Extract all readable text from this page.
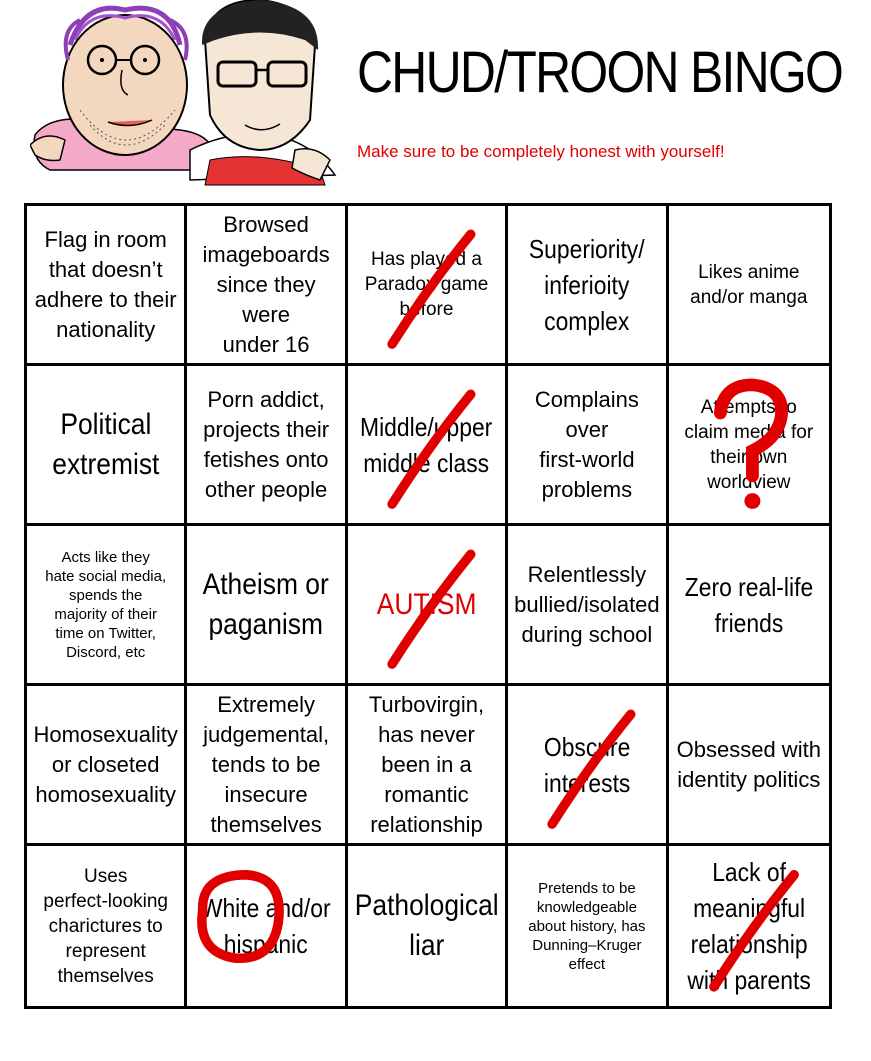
CHUD/TROON BINGO
Make sure to be completely honest with yourself!
Flag in room
that doesn’t
adhere to their
nationality
Browsed
imageboards
since they were
under 16
Has played a
Paradox game
before
Superiority/
inferioity
complex
Likes anime
and/or manga
Political
extremist
Porn addict,
projects their
fetishes onto
other people
Middle/upper
middle class
Complains
over
first-world
problems
Attempts to
claim media for
their own
worldview
Acts like they
hate social media,
spends the
majority of their
time on Twitter,
Discord, etc
Atheism or
paganism
AUTISM
Relentlessly
bullied/isolated
during school
Zero real-life
friends
Homosexuality
or closeted
homosexuality
Extremely
judgemental,
tends to be
insecure
themselves
Turbovirgin,
has never
been in a
romantic
relationship
Obscure
interests
Obsessed with
identity politics
Uses
perfect-looking
charictures to
represent
themselves
White and/or
hispanic
Pathological
liar
Pretends to be
knowledgeable
about history, has
Dunning–Kruger
effect
Lack of
meaningful
relationship
with parents
